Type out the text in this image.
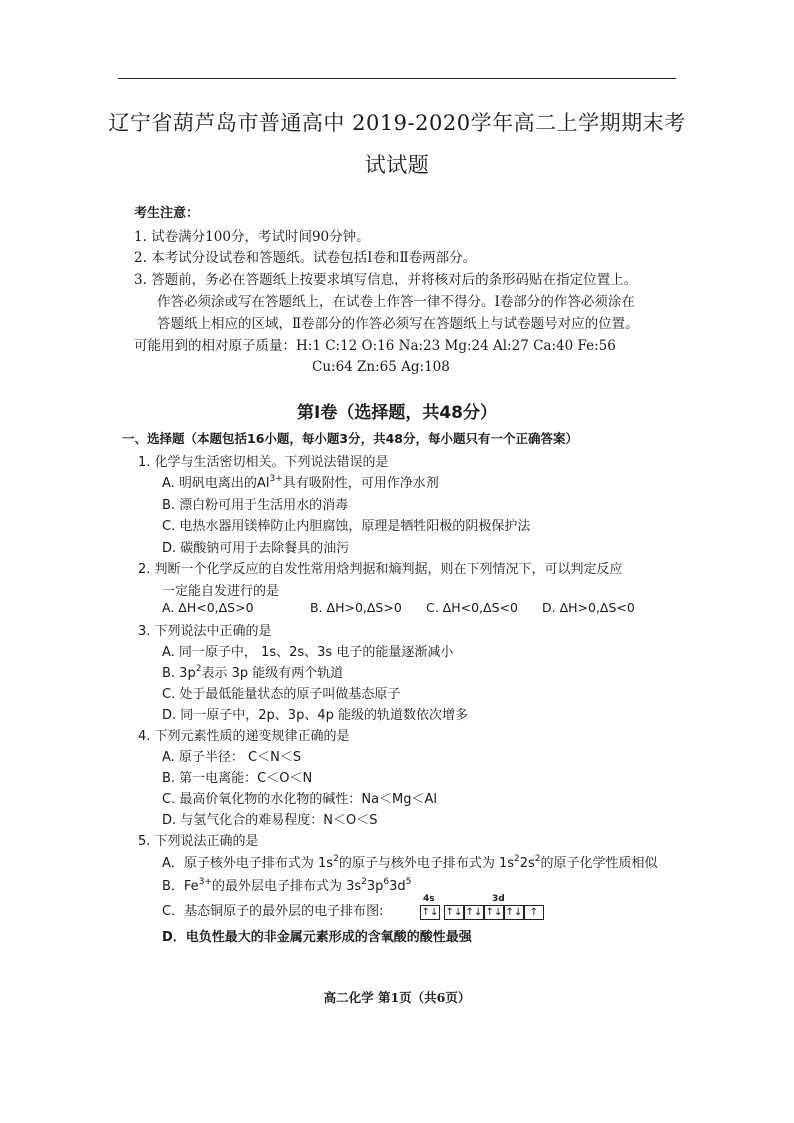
辽宁省葫芦岛市普通高中 2019-2020学年高二上学期期末考
试试题
考生注意：
1. 试卷满分100分，考试时间90分钟。
2. 本考试分设试卷和答题纸。试卷包括Ⅰ卷和Ⅱ卷两部分。
3. 答题前，务必在答题纸上按要求填写信息，并将核对后的条形码贴在指定位置上。
作答必须涂或写在答题纸上，在试卷上作答一律不得分。Ⅰ卷部分的作答必须涂在
答题纸上相应的区域，Ⅱ卷部分的作答必须写在答题纸上与试卷题号对应的位置。
可能用到的相对原子质量：H:1 C:12 O:16 Na:23 Mg:24 Al:27 Ca:40 Fe:56
Cu:64 Zn:65 Ag:108
第Ⅰ卷（选择题，共48分）
一、选择题（本题包括16小题，每小题3分，共48分，每小题只有一个正确答案）
1. 化学与生活密切相关。下列说法错误的是
A. 明矾电离出的$Al^{3+}$具有吸附性，可用作净水剂
B. 漂白粉可用于生活用水的消毒
C. 电热水器用镁棒防止内胆腐蚀，原理是牺牲阳极的阴极保护法
D. 碳酸钠可用于去除餐具的油污
2. 判断一个化学反应的自发性常用焓判据和熵判据，则在下列情况下，可以判定反应
一定能自发进行的是
A. ΔH<0,ΔS>0	B. ΔH>0,ΔS>0 C. ΔH<0,ΔS<0 D. ΔH>0,ΔS<0
3. 下列说法中正确的是
A. 同一原子中， 1s、2s、3s 电子的能量逐渐减小
B. $3p^2$表示 3p 能级有两个轨道
C. 处于最低能量状态的原子叫做基态原子
D. 同一原子中，2p、3p、4p 能级的轨道数依次增多
4. 下列元素性质的递变规律正确的是
A. 原子半径： C＜N＜S
B. 第一电离能：C＜O＜N
C. 最高价氧化物的水化物的碱性：Na＜Mg＜Al
D. 与氢气化合的难易程度：N＜O＜S
5. 下列说法正确的是
A．原子核外电子排布式为 $1s^2$的原子与核外电子排布式为 $1s^22s^2$的原子化学性质相似
B．$Fe^{3+}$的最外层电子排布式为 $3s^23p^63d^5$
C．基态铜原子的最外层的电子排布图:
4s	3d
↑↓ ↑↓ ↑↓ ↑↓ ↑↓ ↑
D．电负性最大的非金属元素形成的含氧酸的酸性最强
高二化学 第1页（共6页）
